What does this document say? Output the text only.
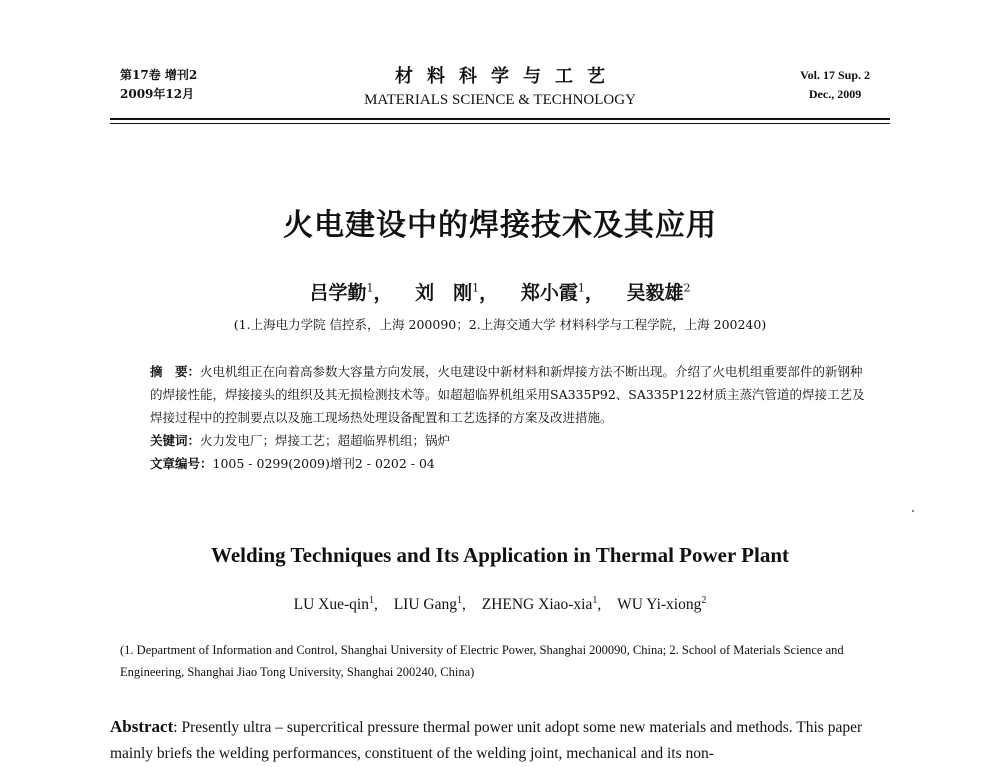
第17卷 增刊2
2009年12月
材料科学与工艺
MATERIALS SCIENCE & TECHNOLOGY
Vol. 17 Sup. 2
Dec., 2009
火电建设中的焊接技术及其应用
吕学勤$^1$， 刘　刚$^1$， 郑小霞$^1$， 吴毅雄$^2$
(1.上海电力学院 信控系，上海 200090；2.上海交通大学 材料科学与工程学院，上海 200240)
摘　要：火电机组正在向着高参数大容量方向发展，火电建设中新材料和新焊接方法不断出现。介绍了火电机组重要部件的新钢种的焊接性能，焊接接头的组织及其无损检测技术等。如超超临界机组采用SA335P92、SA335P122材质主蒸汽管道的焊接工艺及焊接过程中的控制要点以及施工现场热处理设备配置和工艺选择的方案及改进措施。
关键词：火力发电厂；焊接工艺；超超临界机组；锅炉
文章编号：1005 - 0299(2009)增刊2 - 0202 - 04
Welding Techniques and Its Application in Thermal Power Plant
LU Xue-qin$^1$, LIU Gang$^1$, ZHENG Xiao-xia$^1$, WU Yi-xiong$^2$
(1. Department of Information and Control, Shanghai University of Electric Power, Shanghai 200090, China; 2. School of Materials Science and Engineering, Shanghai Jiao Tong University, Shanghai 200240, China)
Abstract: Presently ultra – supercritical pressure thermal power unit adopt some new materials and methods. This paper mainly briefs the welding performances, constituent of the welding joint, mechanical and its non-
